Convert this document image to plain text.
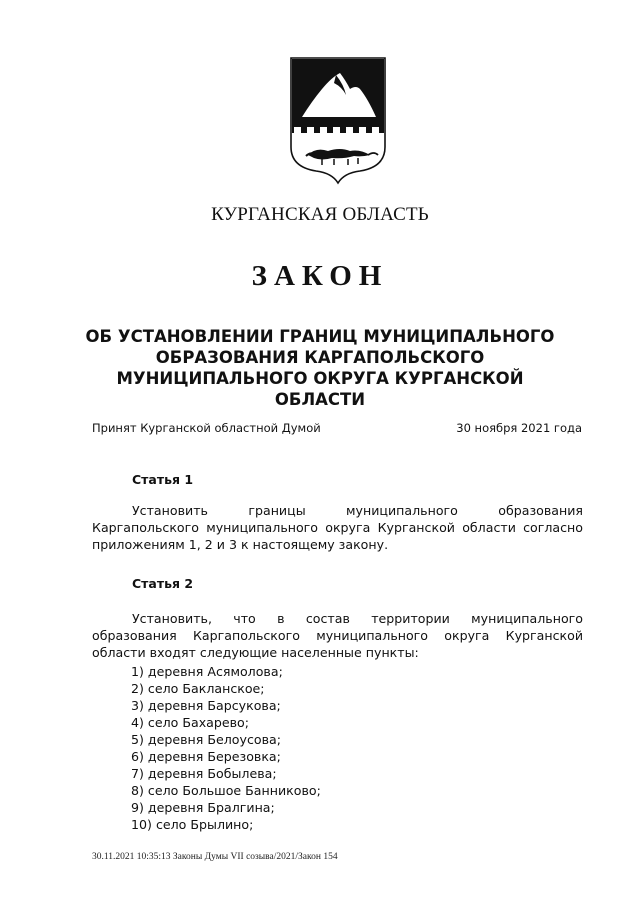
КУРГАНСКАЯ ОБЛАСТЬ
ЗАКОН
ОБ УСТАНОВЛЕНИИ ГРАНИЦ МУНИЦИПАЛЬНОГО ОБРАЗОВАНИЯ КАРГАПОЛЬСКОГО МУНИЦИПАЛЬНОГО ОКРУГА КУРГАНСКОЙ ОБЛАСТИ
Принят Курганской областной Думой	30 ноября 2021 года
Статья 1

Установить границы муниципального образования Каргапольского муниципального округа Курганской области согласно приложениям 1, 2 и 3 к настоящему закону.

Статья 2

Установить, что в состав территории муниципального образования Каргапольского муниципального округа Курганской области входят следующие населенные пункты:

1) деревня Асямолова;
2) село Бакланское;
3) деревня Барсукова;
4) село Бахарево;
5) деревня Белоусова;
6) деревня Березовка;
7) деревня Бобылева;
8) село Большое Банниково;
9) деревня Бралгина;
10) село Брылино;
30.11.2021 10:35:13 Законы Думы VII созыва/2021/Закон 154
